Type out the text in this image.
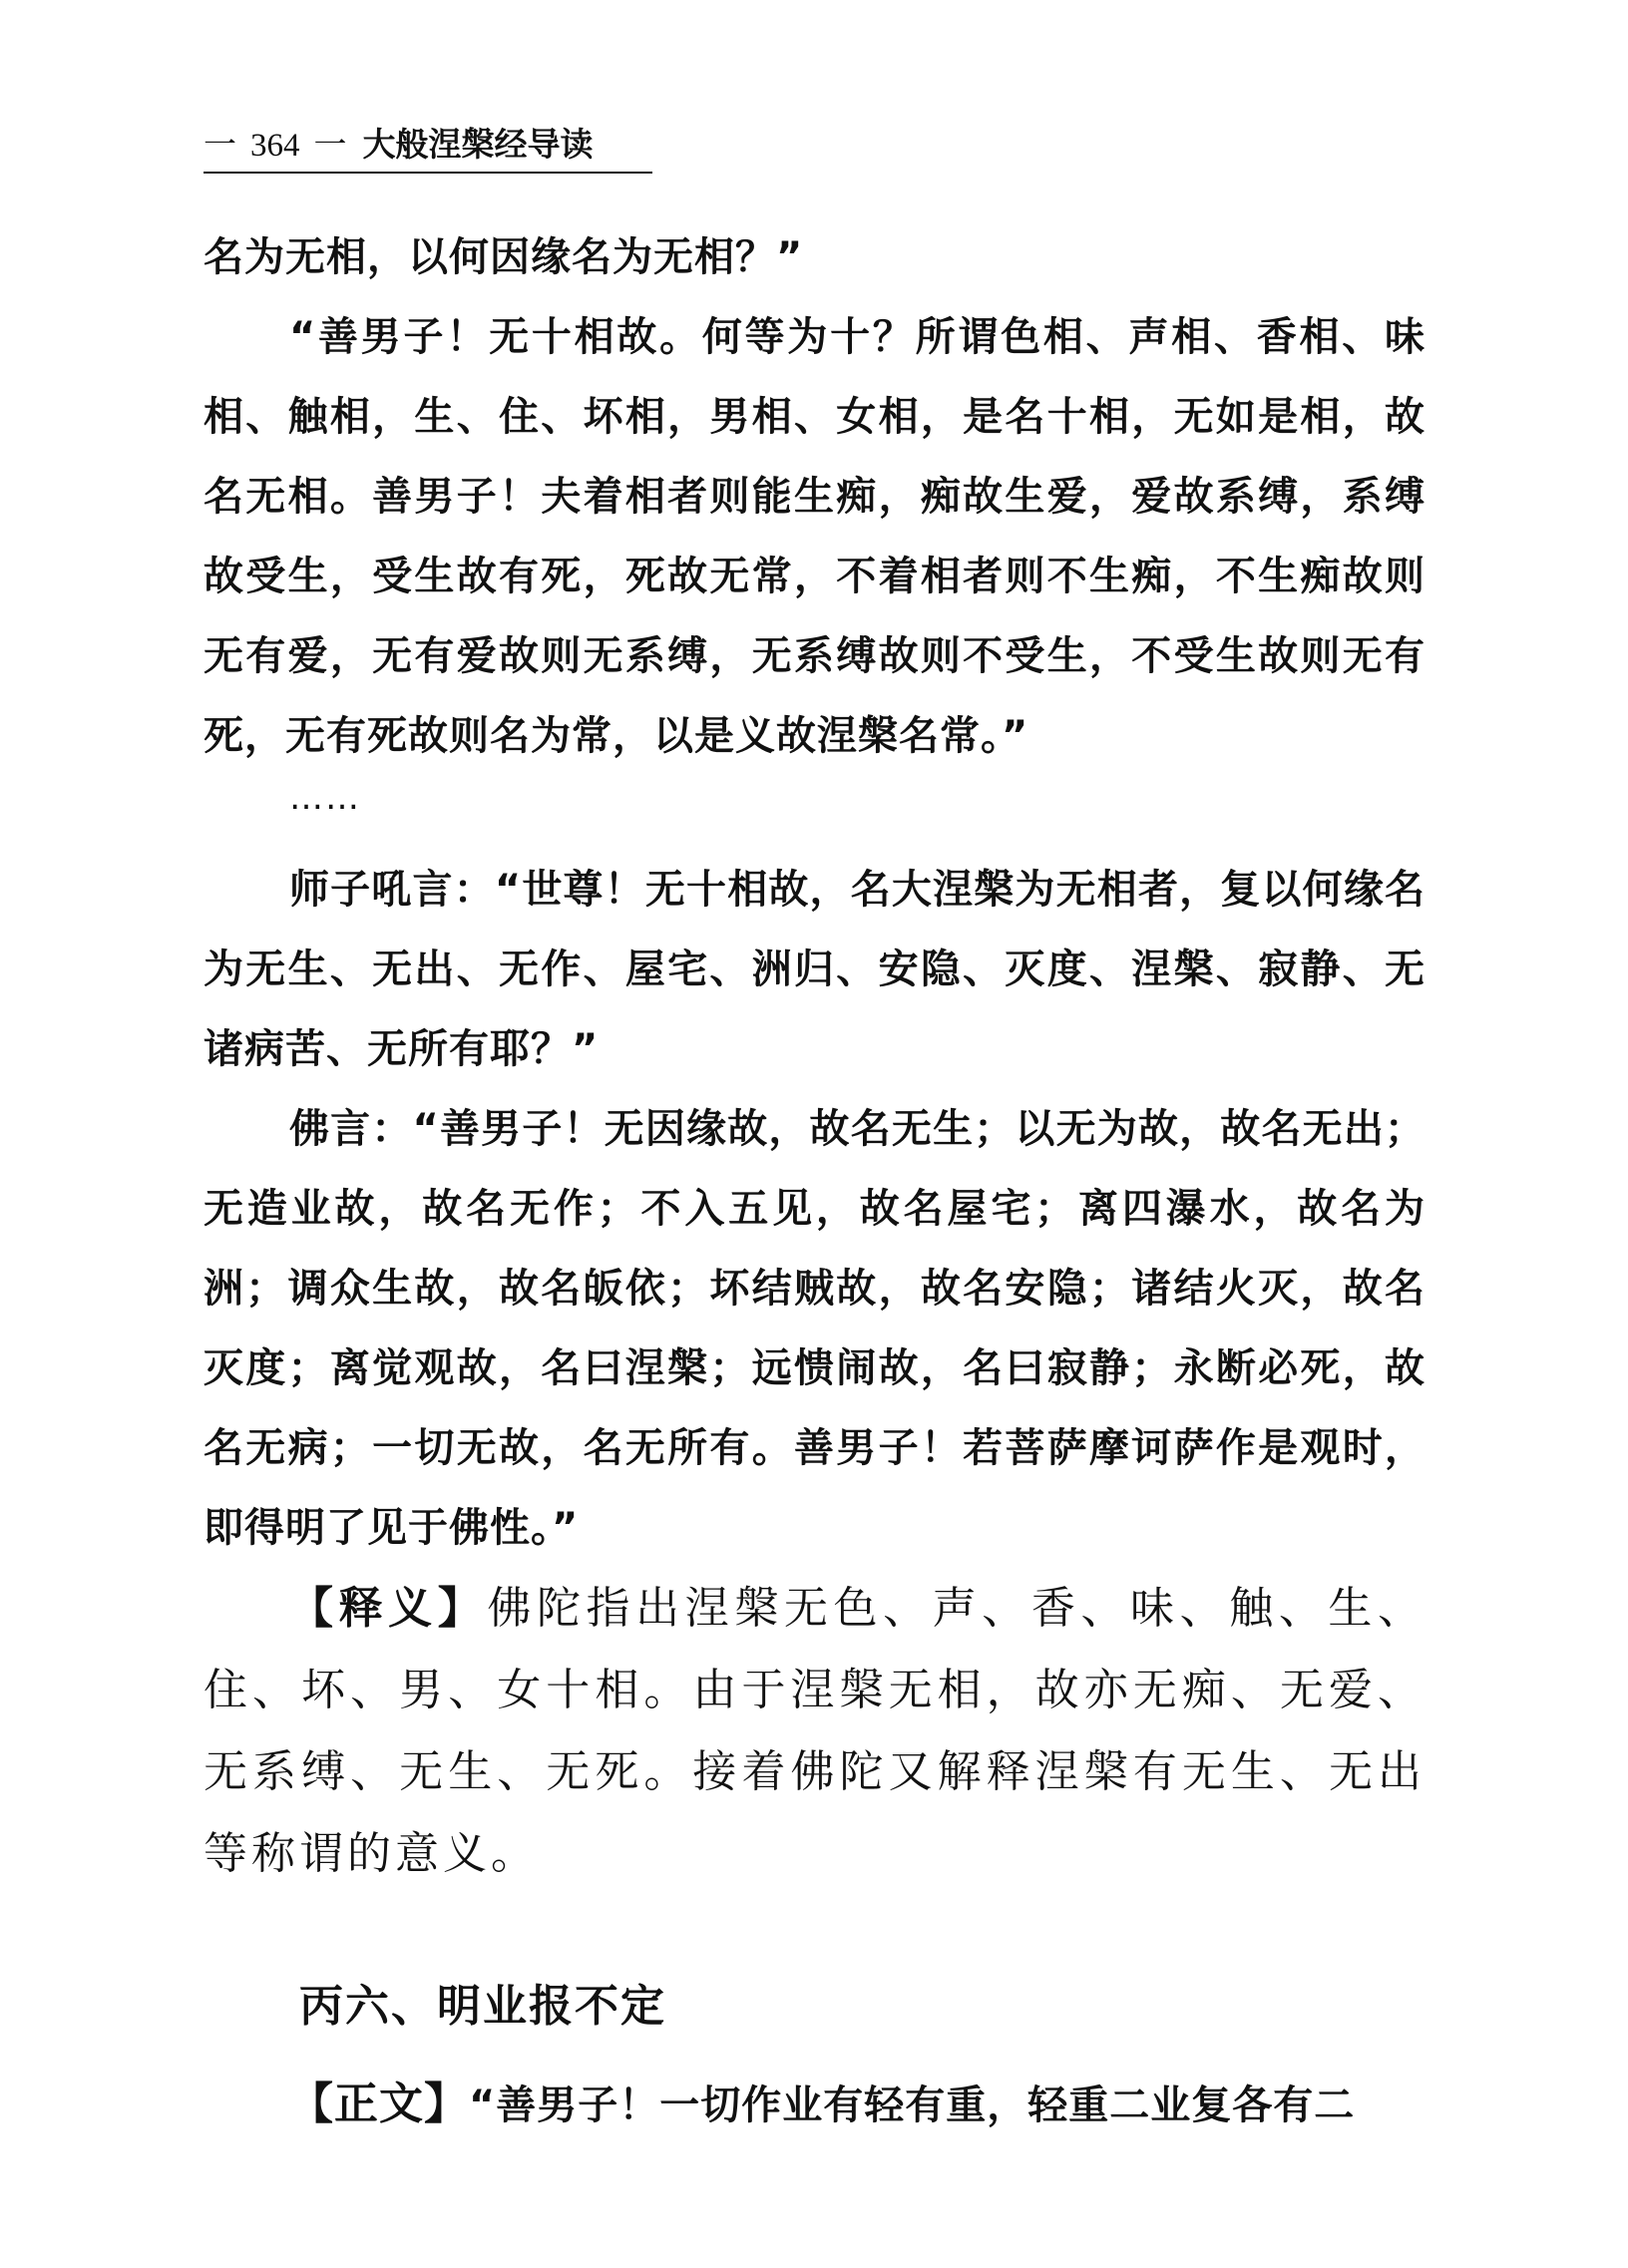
一 364 一 大般涅槃经导读

名为无相，以何因缘名为无相？”

“善男子！无十相故。何等为十？所谓色相、声相、香相、味相、触相，生、住、坏相，男相、女相，是名十相，无如是相，故名无相。善男子！夫着相者则能生痴，痴故生爱，爱故系缚，系缚故受生，受生故有死，死故无常，不着相者则不生痴，不生痴故则无有爱，无有爱故则无系缚，无系缚故则不受生，不受生故则无有死，无有死故则名为常，以是义故涅槃名常。”

……

师子吼言：“世尊！无十相故，名大涅槃为无相者，复以何缘名为无生、无出、无作、屋宅、洲归、安隐、灭度、涅槃、寂静、无诸病苦、无所有耶？”

佛言：“善男子！无因缘故，故名无生；以无为故，故名无出；无造业故，故名无作；不入五见，故名屋宅；离四瀑水，故名为洲；调众生故，故名皈依；坏结贼故，故名安隐；诸结火灭，故名灭度；离觉观故，名曰涅槃；远愦闹故，名曰寂静；永断必死，故名无病；一切无故，名无所有。善男子！若菩萨摩诃萨作是观时，即得明了见于佛性。”

【释义】佛陀指出涅槃无色、声、香、味、触、生、住、坏、男、女十相。由于涅槃无相，故亦无痴、无爱、无系缚、无生、无死。接着佛陀又解释涅槃有无生、无出等称谓的意义。

丙六、明业报不定
【正文】“善男子！一切作业有轻有重，轻重二业复各有二
